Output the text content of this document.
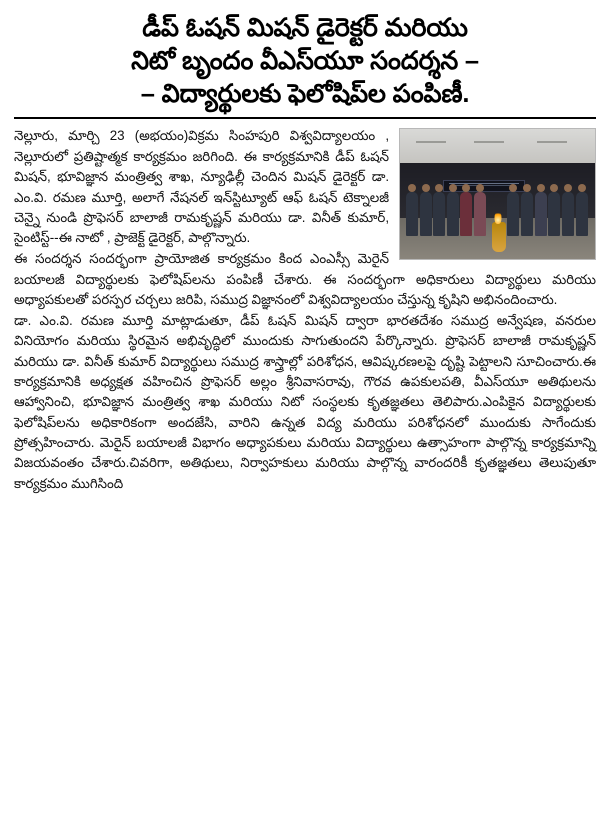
డీప్ ఓషన్ మిషన్ డైరెక్టర్ మరియు
నిటో బృందం వీఎస్‌యూ సందర్శన –
– విద్యార్థులకు ఫెలోషిప్‌ల పంపిణీ.

నెల్లూరు, మార్చి 23 (అభయం)విక్రమ సింహపురి విశ్వవిద్యాలయం , నెల్లూరులో ప్రతిష్టాత్మక కార్యక్రమం జరిగింది. ఈ కార్యక్రమానికి డీప్ ఓషన్ మిషన్, భూవిజ్ఞాన మంత్రిత్వ శాఖ, న్యూఢిల్లీ చెందిన మిషన్ డైరెక్టర్ డా. ఎం.వి. రమణ మూర్తి, అలాగే నేషనల్ ఇన్‌స్టిట్యూట్ ఆఫ్ ఓషన్ టెక్నాలజీ చెన్నై నుండి ప్రొఫెసర్ బాలాజీ రామకృష్ణన్ మరియు డా. వినీత్ కుమార్, సైంటిస్ట్--ఈ నాటో , ప్రాజెక్ట్ డైరెక్టర్, పాల్గొన్నారు.

ఈ సందర్శన సందర్భంగా ప్రాయోజిత కార్యక్రమం కింద ఎంఎస్సీ మెరైన్ బయాలజీ విద్యార్థులకు ఫెలోషిప్‌లను పంపిణీ చేశారు. ఈ సందర్భంగా అధికారులు విద్యార్థులు మరియు అధ్యాపకులతో పరస్పర చర్చలు జరిపి, సముద్ర విజ్ఞానంలో విశ్వవిద్యాలయం చేస్తున్న కృషిని అభినందించారు.

డా. ఎం.వి. రమణ మూర్తి మాట్లాడుతూ, డీప్ ఓషన్ మిషన్ ద్వారా భారతదేశం సముద్ర అన్వేషణ, వనరుల వినియోగం మరియు స్థిరమైన అభివృద్ధిలో ముందుకు సాగుతుందని పేర్కొన్నారు. ప్రొఫెసర్ బాలాజీ రామకృష్ణన్ మరియు డా. వినీత్ కుమార్ విద్యార్థులు సముద్ర శాస్త్రాల్లో పరిశోధన, ఆవిష్కరణలపై దృష్టి పెట్టాలని సూచించారు.ఈ కార్యక్రమానికి అధ్యక్షత వహించిన ప్రొఫెసర్ అల్లం శ్రీనివాసరావు, గౌరవ ఉపకులపతి, వీఎస్‌యూ అతిథులను ఆహ్వానించి, భూవిజ్ఞాన మంత్రిత్వ శాఖ మరియు నిటో సంస్థలకు కృతజ్ఞతలు తెలిపారు.ఎంపికైన విద్యార్థులకు ఫెలోషిప్‌లను అధికారికంగా అందజేసి, వారిని ఉన్నత విద్య మరియు పరిశోధనలో ముందుకు సాగేందుకు ప్రోత్సహించారు. మెరైన్ బయాలజీ విభాగం అధ్యాపకులు మరియు విద్యార్థులు ఉత్సాహంగా పాల్గొన్న కార్యక్రమాన్ని విజయవంతం చేశారు.చివరిగా, అతిథులు, నిర్వాహకులు మరియు పాల్గొన్న వారందరికీ కృతజ్ఞతలు తెలుపుతూ కార్యక్రమం ముగిసింది
